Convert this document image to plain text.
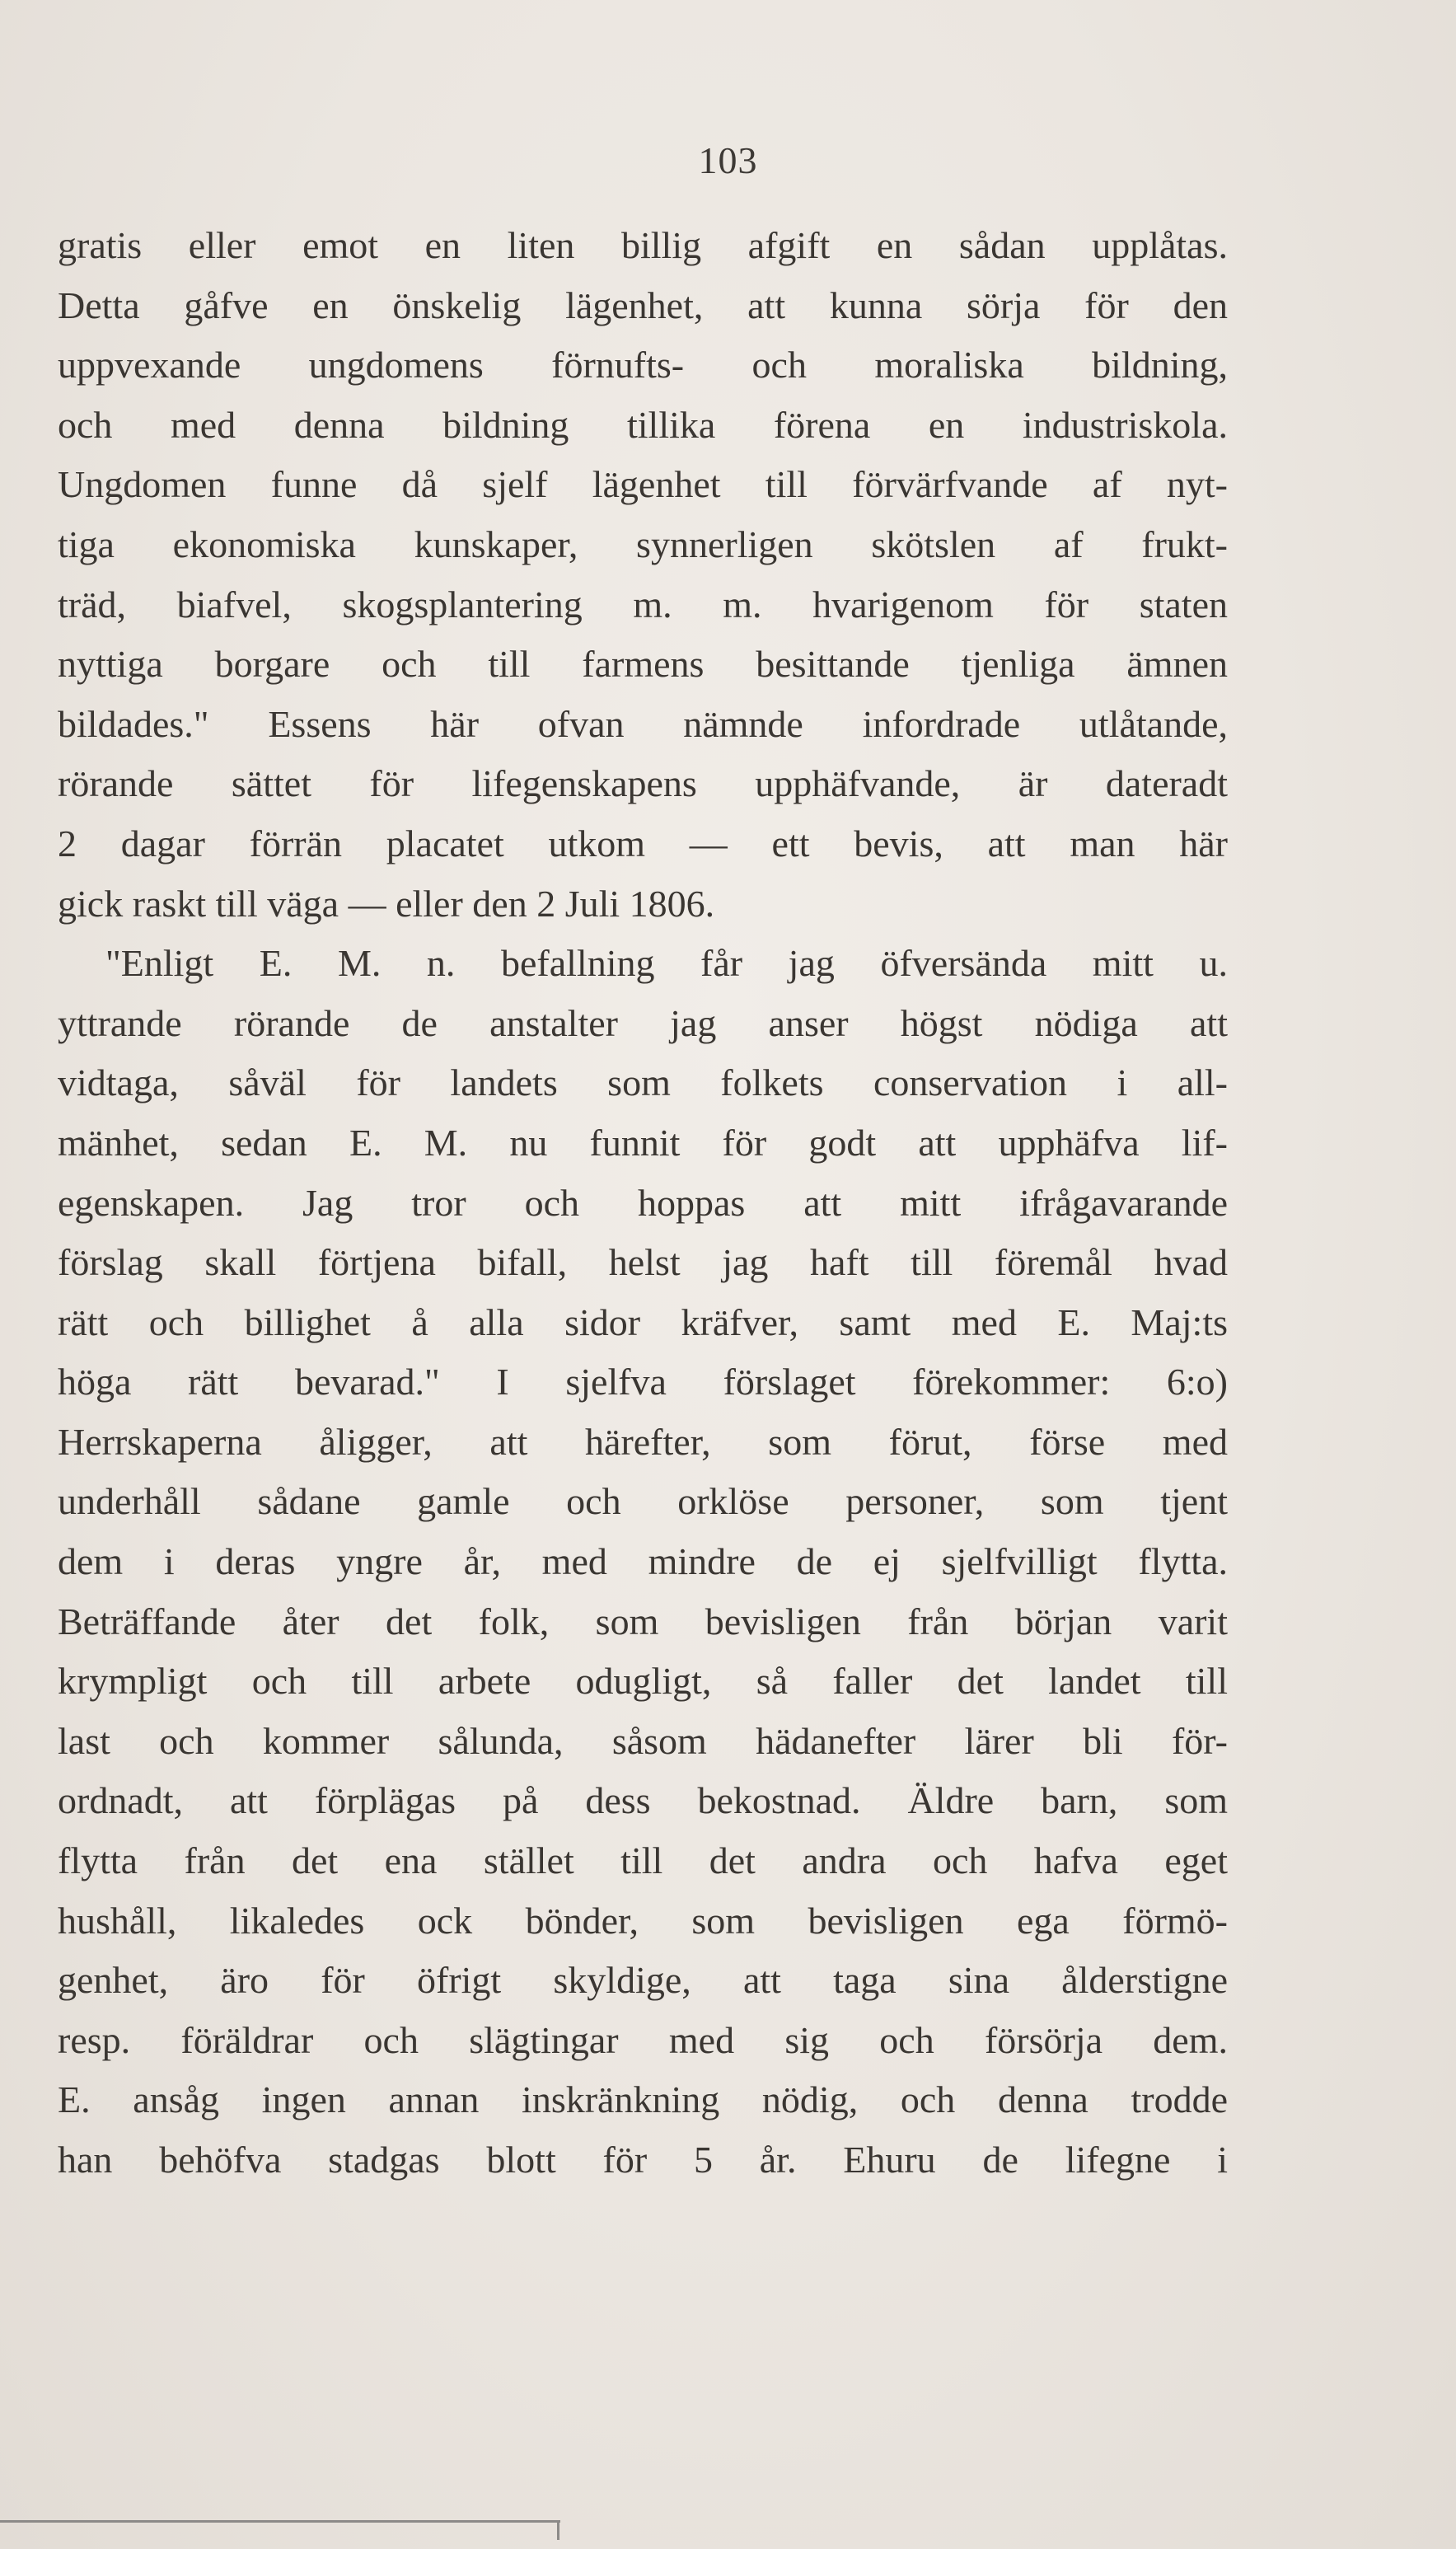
103
gratis eller emot en liten billig afgift en sådan upplåtas.
Detta gåfve en önskelig lägenhet, att kunna sörja för den
uppvexande ungdomens förnufts- och moraliska bildning,
och med denna bildning tillika förena en industriskola.
Ungdomen funne då sjelf lägenhet till förvärfvande af nyt-
tiga ekonomiska kunskaper, synnerligen skötslen af frukt-
träd, biafvel, skogsplantering m. m. hvarigenom för staten
nyttiga borgare och till farmens besittande tjenliga ämnen
bildades." Essens här ofvan nämnde infordrade utlåtande,
rörande sättet för lifegenskapens upphäfvande, är dateradt
2 dagar förrän placatet utkom — ett bevis, att man här
gick raskt till väga — eller den 2 Juli 1806.
"Enligt E. M. n. befallning får jag öfversända mitt u.
yttrande rörande de anstalter jag anser högst nödiga att
vidtaga, såväl för landets som folkets conservation i all-
mänhet, sedan E. M. nu funnit för godt att upphäfva lif-
egenskapen. Jag tror och hoppas att mitt ifrågavarande
förslag skall förtjena bifall, helst jag haft till föremål hvad
rätt och billighet å alla sidor kräfver, samt med E. Maj:ts
höga rätt bevarad." I sjelfva förslaget förekommer: 6:o)
Herrskaperna åligger, att härefter, som förut, förse med
underhåll sådane gamle och orklöse personer, som tjent
dem i deras yngre år, med mindre de ej sjelfvilligt flytta.
Beträffande åter det folk, som bevisligen från början varit
krympligt och till arbete odugligt, så faller det landet till
last och kommer sålunda, såsom hädanefter lärer bli för-
ordnadt, att förplägas på dess bekostnad. Äldre barn, som
flytta från det ena stället till det andra och hafva eget
hushåll, likaledes ock bönder, som bevisligen ega förmö-
genhet, äro för öfrigt skyldige, att taga sina ålderstigne
resp. föräldrar och slägtingar med sig och försörja dem.
E. ansåg ingen annan inskränkning nödig, och denna trodde
han behöfva stadgas blott för 5 år. Ehuru de lifegne i
